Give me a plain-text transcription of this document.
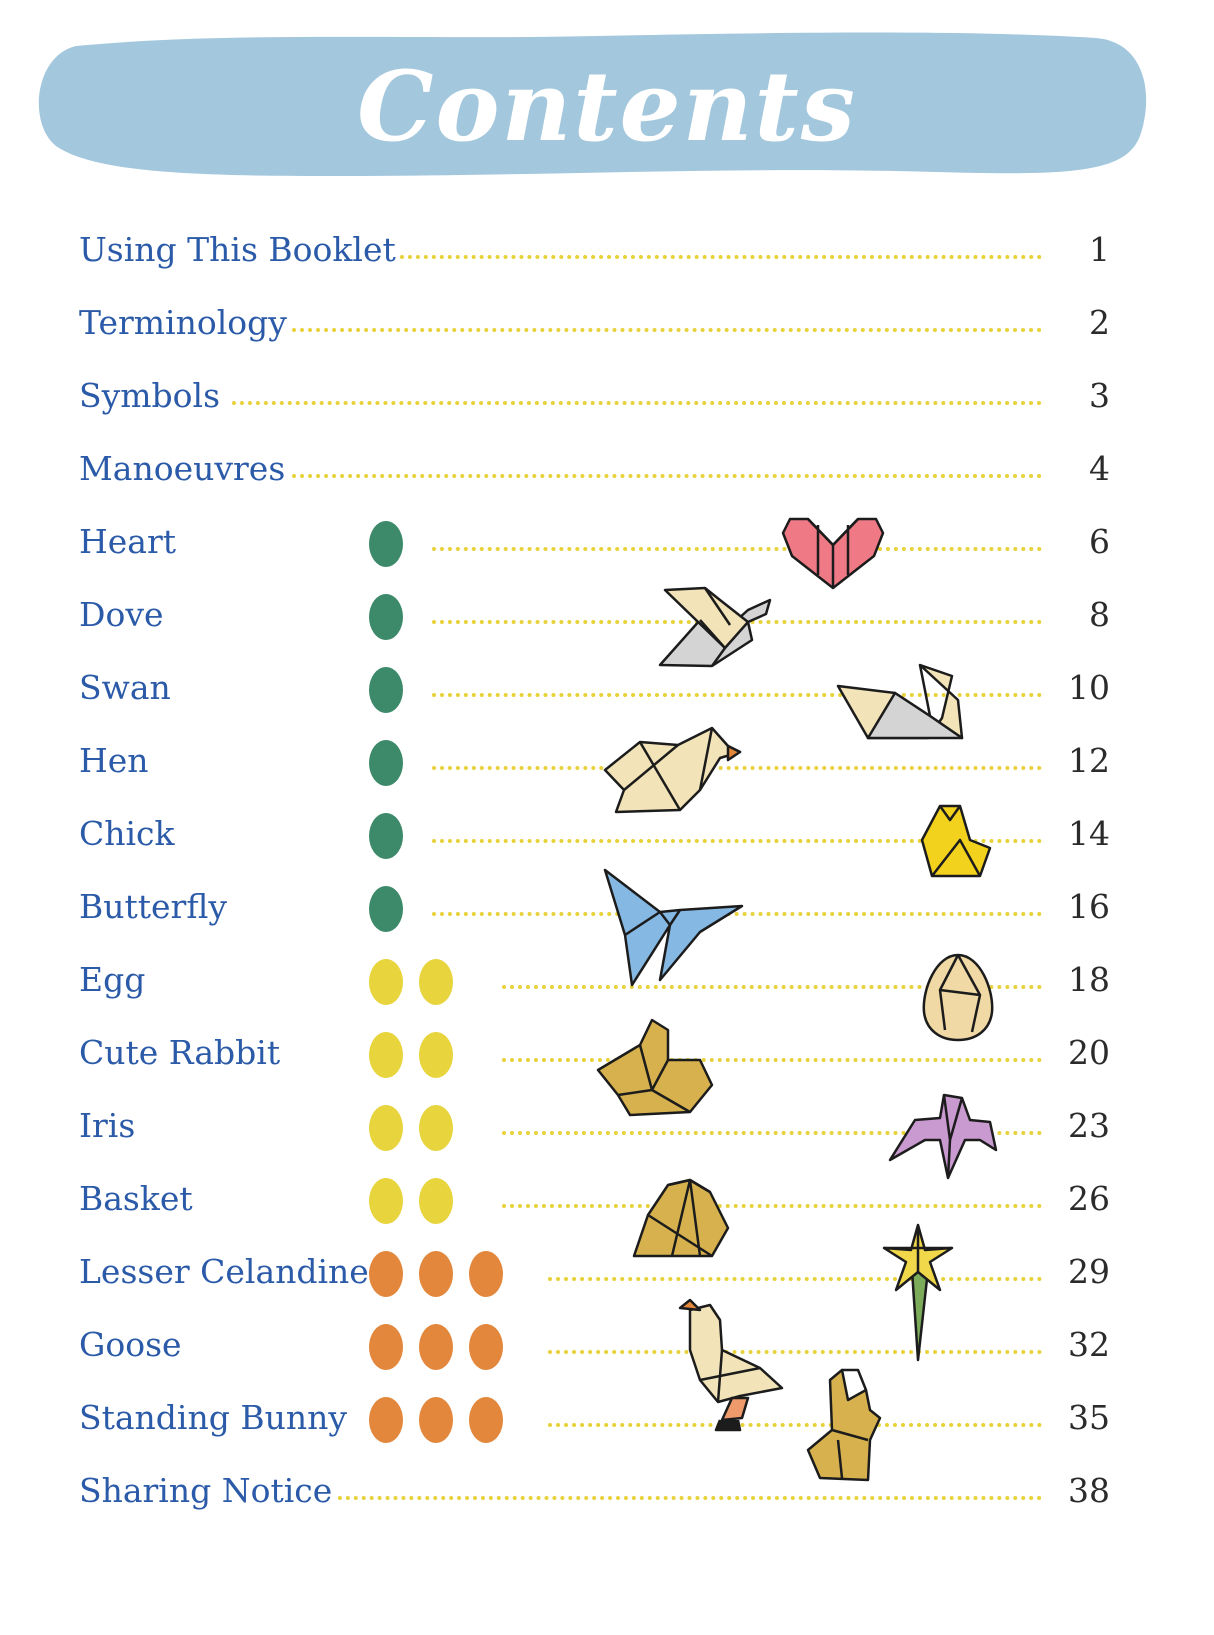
Contents
Using This Booklet	1
Terminology	2
Symbols	3
Manoeuvres	4
Heart	6
Dove	8
Swan	10
Hen	12
Chick	14
Butterfly	16
Egg	18
Cute Rabbit	20
Iris	23
Basket	26
Lesser Celandine	29
Goose	32
Standing Bunny	35
Sharing Notice	38
